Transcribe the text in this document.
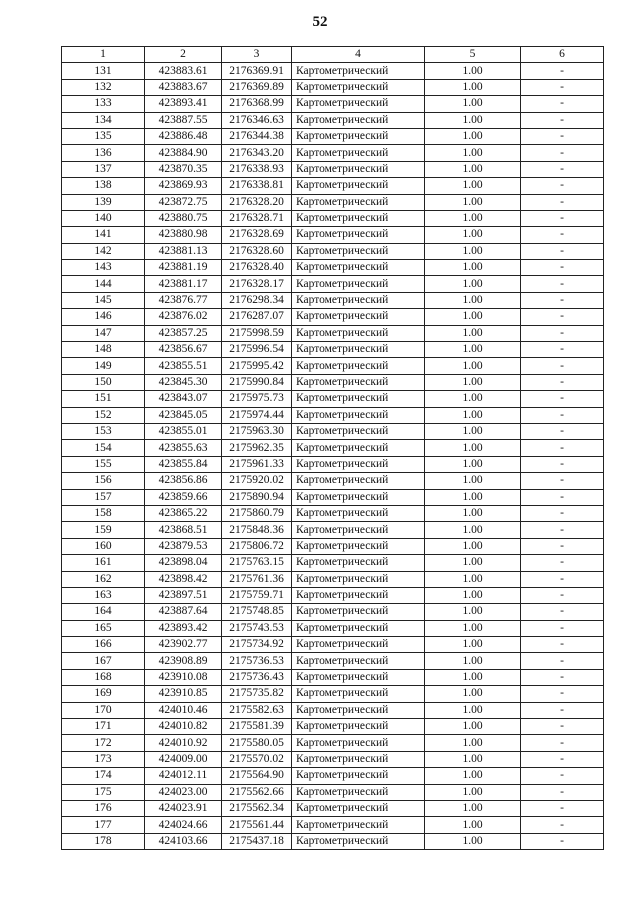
52
1	2	3	4	5	6
131	423883.61	2176369.91	Картометрический	1.00	-
132	423883.67	2176369.89	Картометрический	1.00	-
133	423893.41	2176368.99	Картометрический	1.00	-
134	423887.55	2176346.63	Картометрический	1.00	-
135	423886.48	2176344.38	Картометрический	1.00	-
136	423884.90	2176343.20	Картометрический	1.00	-
137	423870.35	2176338.93	Картометрический	1.00	-
138	423869.93	2176338.81	Картометрический	1.00	-
139	423872.75	2176328.20	Картометрический	1.00	-
140	423880.75	2176328.71	Картометрический	1.00	-
141	423880.98	2176328.69	Картометрический	1.00	-
142	423881.13	2176328.60	Картометрический	1.00	-
143	423881.19	2176328.40	Картометрический	1.00	-
144	423881.17	2176328.17	Картометрический	1.00	-
145	423876.77	2176298.34	Картометрический	1.00	-
146	423876.02	2176287.07	Картометрический	1.00	-
147	423857.25	2175998.59	Картометрический	1.00	-
148	423856.67	2175996.54	Картометрический	1.00	-
149	423855.51	2175995.42	Картометрический	1.00	-
150	423845.30	2175990.84	Картометрический	1.00	-
151	423843.07	2175975.73	Картометрический	1.00	-
152	423845.05	2175974.44	Картометрический	1.00	-
153	423855.01	2175963.30	Картометрический	1.00	-
154	423855.63	2175962.35	Картометрический	1.00	-
155	423855.84	2175961.33	Картометрический	1.00	-
156	423856.86	2175920.02	Картометрический	1.00	-
157	423859.66	2175890.94	Картометрический	1.00	-
158	423865.22	2175860.79	Картометрический	1.00	-
159	423868.51	2175848.36	Картометрический	1.00	-
160	423879.53	2175806.72	Картометрический	1.00	-
161	423898.04	2175763.15	Картометрический	1.00	-
162	423898.42	2175761.36	Картометрический	1.00	-
163	423897.51	2175759.71	Картометрический	1.00	-
164	423887.64	2175748.85	Картометрический	1.00	-
165	423893.42	2175743.53	Картометрический	1.00	-
166	423902.77	2175734.92	Картометрический	1.00	-
167	423908.89	2175736.53	Картометрический	1.00	-
168	423910.08	2175736.43	Картометрический	1.00	-
169	423910.85	2175735.82	Картометрический	1.00	-
170	424010.46	2175582.63	Картометрический	1.00	-
171	424010.82	2175581.39	Картометрический	1.00	-
172	424010.92	2175580.05	Картометрический	1.00	-
173	424009.00	2175570.02	Картометрический	1.00	-
174	424012.11	2175564.90	Картометрический	1.00	-
175	424023.00	2175562.66	Картометрический	1.00	-
176	424023.91	2175562.34	Картометрический	1.00	-
177	424024.66	2175561.44	Картометрический	1.00	-
178	424103.66	2175437.18	Картометрический	1.00	-
